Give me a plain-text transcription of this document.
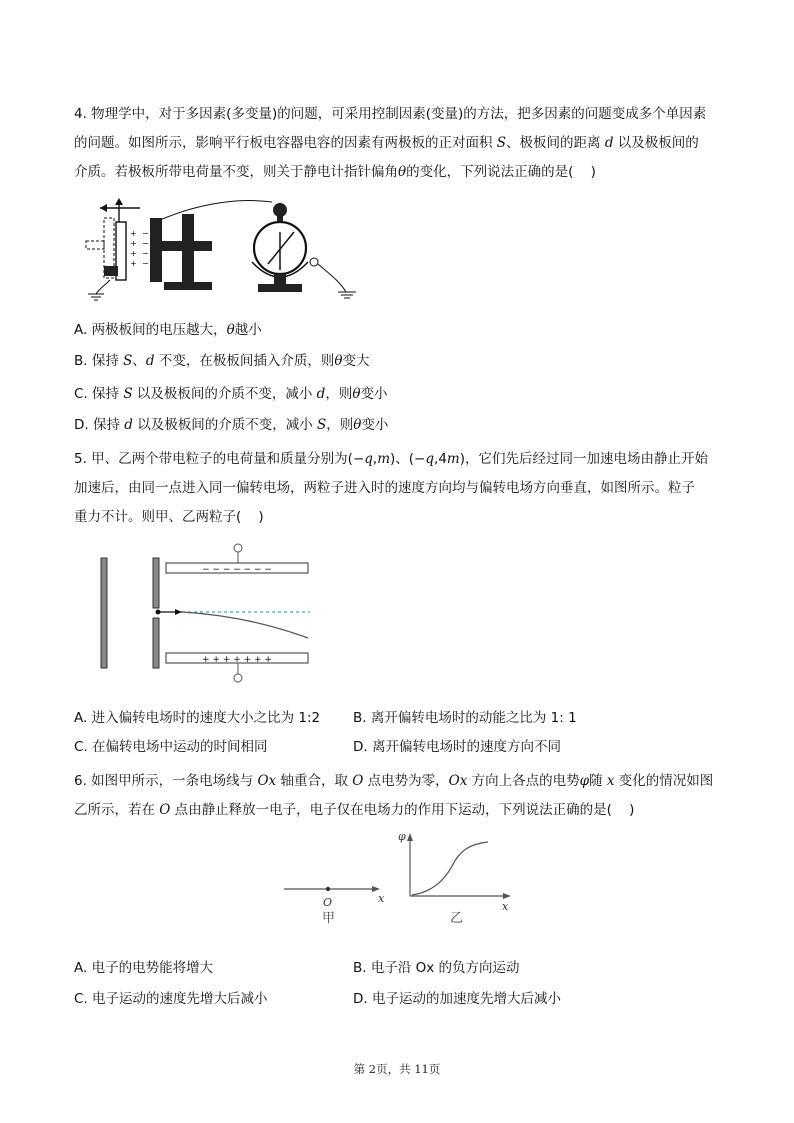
4. 物理学中，对于多因素(多变量)的问题，可采用控制因素(变量)的方法，把多因素的问题变成多个单因素
的问题。如图所示，影响平行板电容器电容的因素有两极板的正对面积 S、极板间的距离 d 以及极板间的
介质。若极板所带电荷量不变，则关于静电计指针偏角θ的变化，下列说法正确的是(    )
+
+
+
+
−
−
−
−
A. 两极板间的电压越大，θ越小
B. 保持 S、d 不变，在极板间插入介质，则θ变大
C. 保持 S 以及极板间的介质不变，减小 d，则θ变小
D. 保持 d 以及极板间的介质不变，减小 S，则θ变小
5. 甲、乙两个带电粒子的电荷量和质量分别为(−q,m)、(−q,4m)，它们先后经过同一加速电场由静止开始
加速后，由同一点进入同一偏转电场，两粒子进入时的速度方向均与偏转电场方向垂直，如图所示。粒子
重力不计。则甲、乙两粒子(    )
− − − − − − −
+ + + + + + +
A. 进入偏转电场时的速度大小之比为 1:2 B. 离开偏转电场时的动能之比为 1: 1
C. 在偏转电场中运动的时间相同	D. 离开偏转电场时的速度方向不同
6. 如图甲所示，一条电场线与 Ox 轴重合，取 O 点电势为零，Ox 方向上各点的电势φ随 x 变化的情况如图
乙所示，若在 O 点由静止释放一电子，电子仅在电场力的作用下运动，下列说法正确的是(    )
O	x
甲
φ
x
乙
A. 电子的电势能将增大	B. 电子沿 Ox 的负方向运动
C. 电子运动的速度先增大后减小	D. 电子运动的加速度先增大后减小
第 2页，共 11页
